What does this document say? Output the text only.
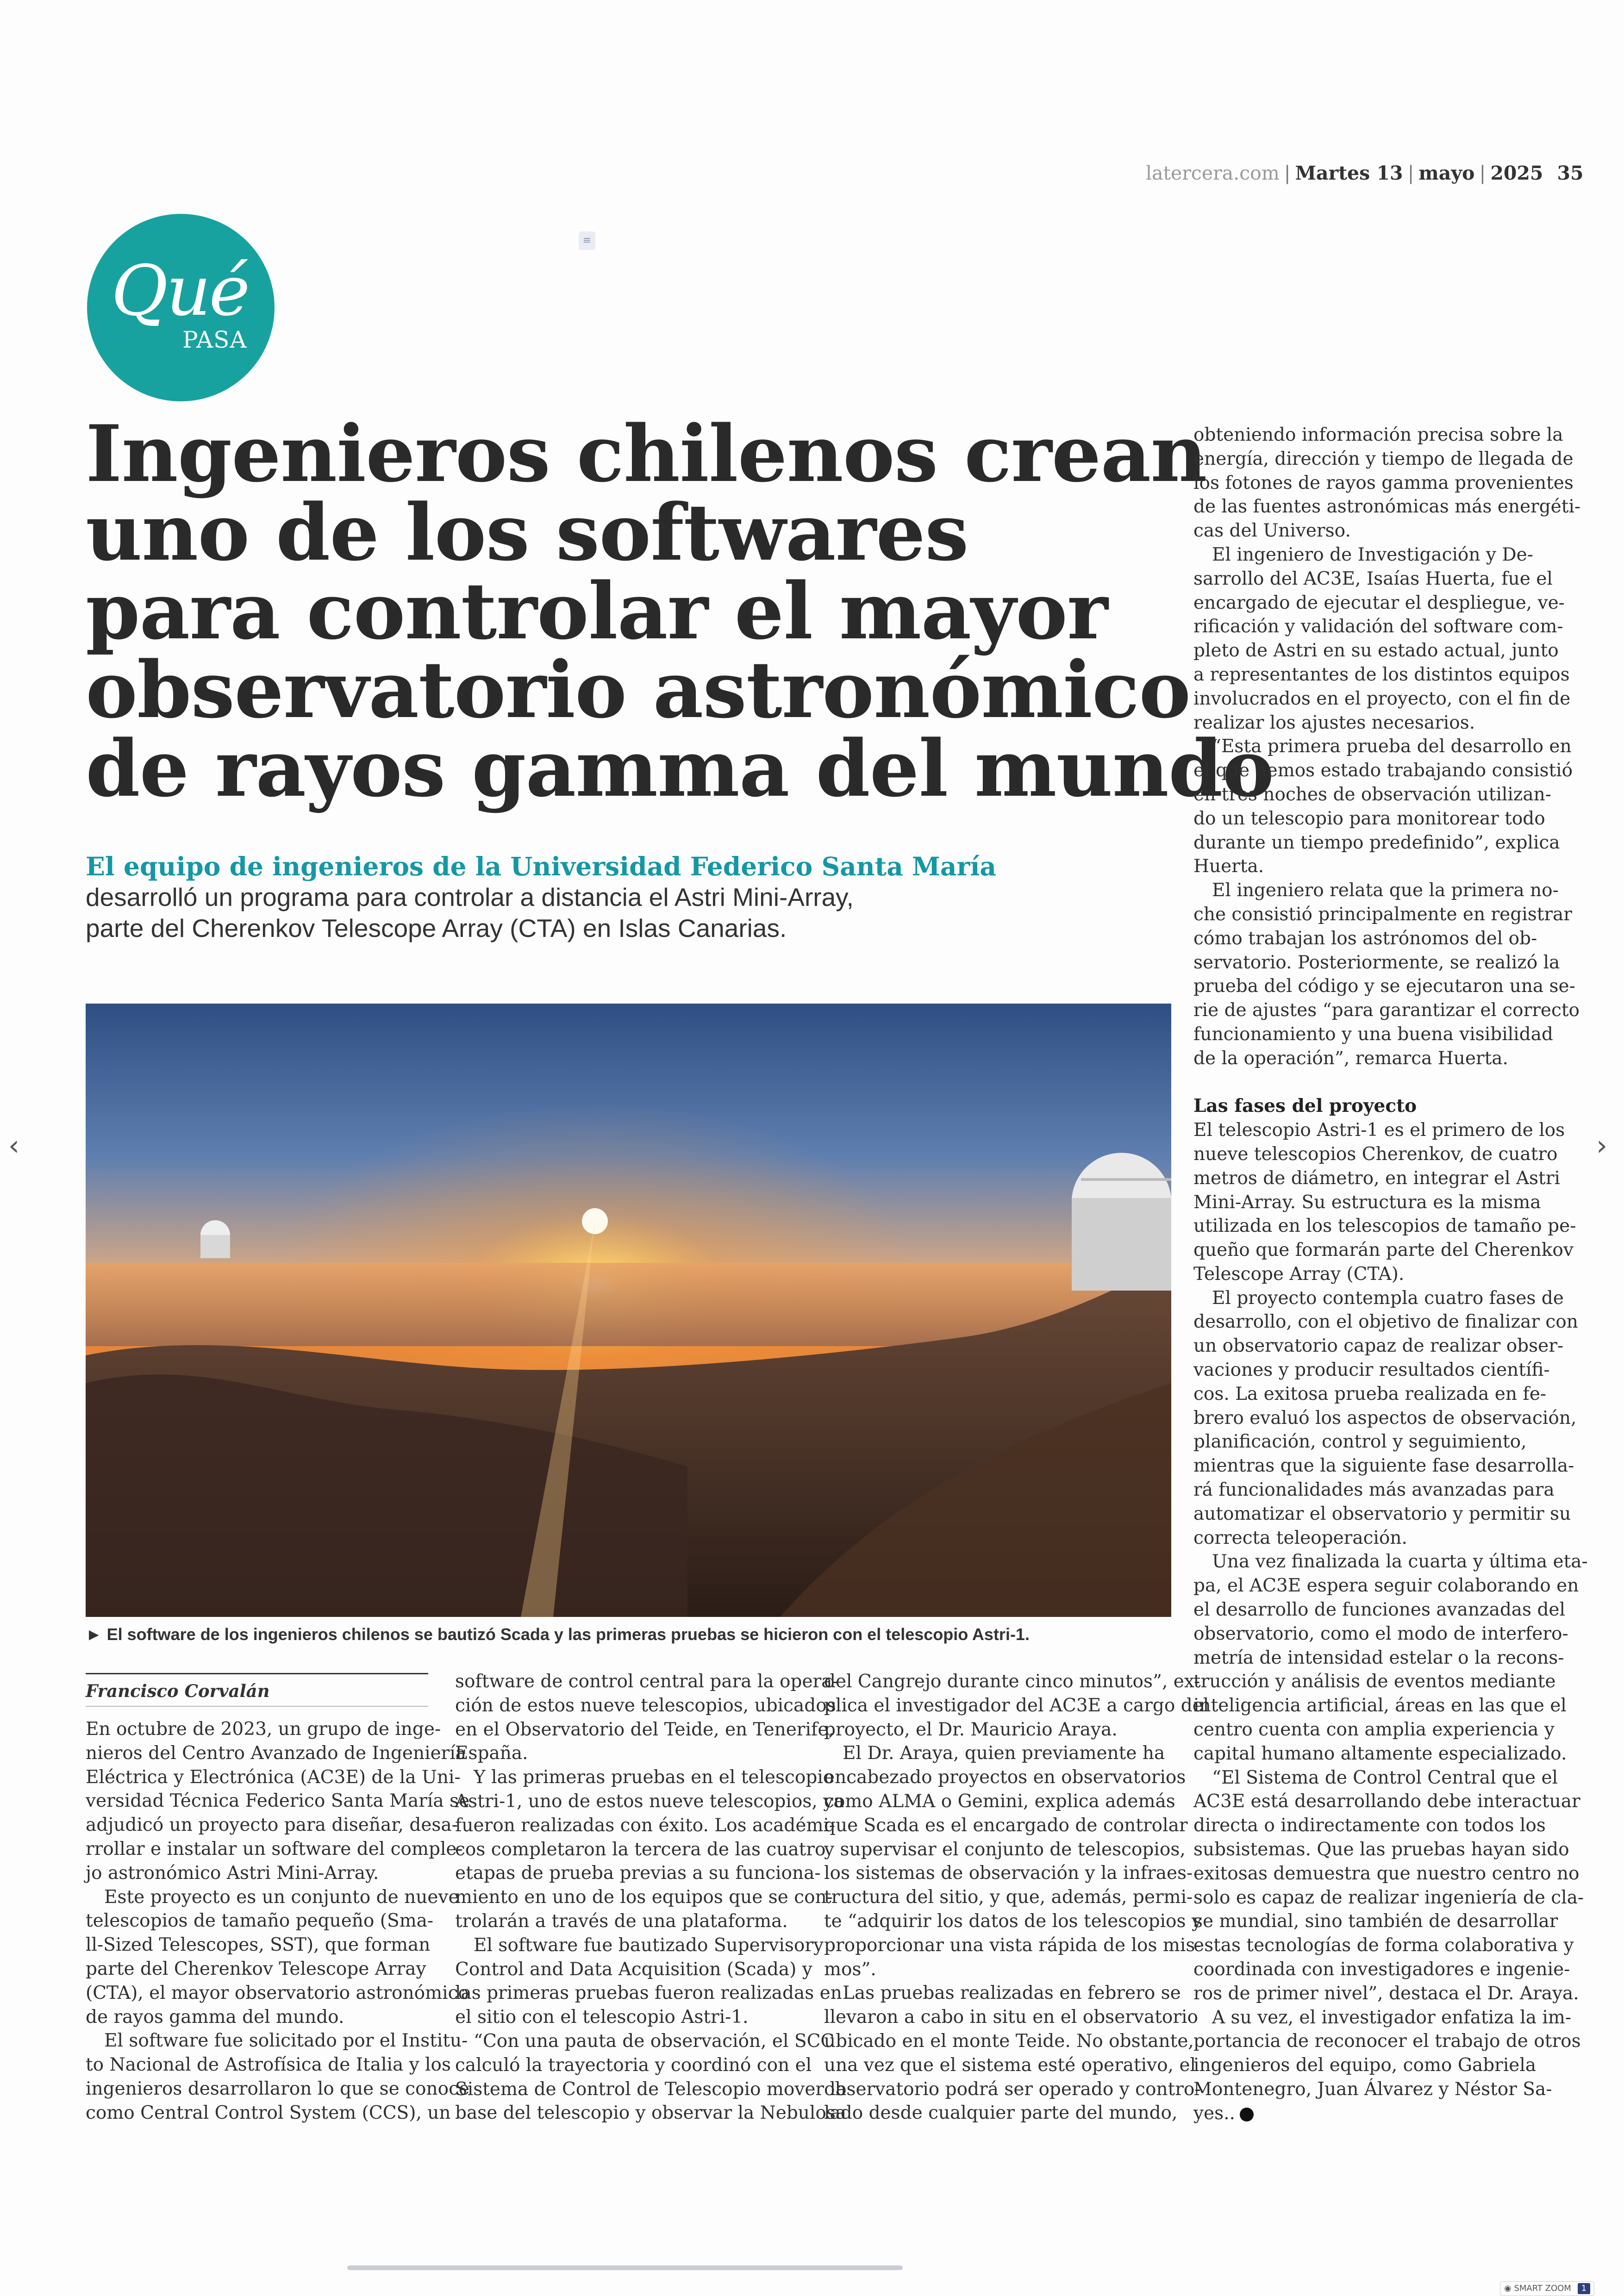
latercera.com | Martes 13 | mayo | 2025 35
≡
Qué
PASA
Ingenieros chilenos crean
uno de los softwares
para controlar el mayor
observatorio astronómico
de rayos gamma del mundo
El equipo de ingenieros de la Universidad Federico Santa María
desarrolló un programa para controlar a distancia el Astri Mini-Array,
parte del Cherenkov Telescope Array (CTA) en Islas Canarias.
► El software de los ingenieros chilenos se bautizó Scada y las primeras pruebas se hicieron con el telescopio Astri-1.
Francisco Corvalán
En octubre de 2023, un grupo de inge-
nieros del Centro Avanzado de Ingeniería
Eléctrica y Electrónica (AC3E) de la Uni-
versidad Técnica Federico Santa María se
adjudicó un proyecto para diseñar, desa-
rrollar e instalar un software del comple-
jo astronómico Astri Mini-Array.
Este proyecto es un conjunto de nueve
telescopios de tamaño pequeño (Sma-
ll-Sized Telescopes, SST), que forman
parte del Cherenkov Telescope Array
(CTA), el mayor observatorio astronómico
de rayos gamma del mundo.
El software fue solicitado por el Institu-
to Nacional de Astrofísica de Italia y los
ingenieros desarrollaron lo que se conoce
como Central Control System (CCS), un
software de control central para la opera-
ción de estos nueve telescopios, ubicados
en el Observatorio del Teide, en Tenerife,
España.
Y las primeras pruebas en el telescopio
Astri-1, uno de estos nueve telescopios, ya
fueron realizadas con éxito. Los académi-
cos completaron la tercera de las cuatro
etapas de prueba previas a su funciona-
miento en uno de los equipos que se con-
trolarán a través de una plataforma.
El software fue bautizado Supervisory
Control and Data Acquisition (Scada) y
las primeras pruebas fueron realizadas en
el sitio con el telescopio Astri-1.
“Con una pauta de observación, el SCC
calculó la trayectoria y coordinó con el
Sistema de Control de Telescopio mover la
base del telescopio y observar la Nebulosa
del Cangrejo durante cinco minutos”, ex-
plica el investigador del AC3E a cargo del
proyecto, el Dr. Mauricio Araya.
El Dr. Araya, quien previamente ha
encabezado proyectos en observatorios
como ALMA o Gemini, explica además
que Scada es el encargado de controlar
y supervisar el conjunto de telescopios,
los sistemas de observación y la infraes-
tructura del sitio, y que, además, permi-
te “adquirir los datos de los telescopios y
proporcionar una vista rápida de los mis-
mos”.
Las pruebas realizadas en febrero se
llevaron a cabo in situ en el observatorio
ubicado en el monte Teide. No obstante,
una vez que el sistema esté operativo, el
observatorio podrá ser operado y contro-
lado desde cualquier parte del mundo,
obteniendo información precisa sobre la
energía, dirección y tiempo de llegada de
los fotones de rayos gamma provenientes
de las fuentes astronómicas más energéti-
cas del Universo.
El ingeniero de Investigación y De-
sarrollo del AC3E, Isaías Huerta, fue el
encargado de ejecutar el despliegue, ve-
rificación y validación del software com-
pleto de Astri en su estado actual, junto
a representantes de los distintos equipos
involucrados en el proyecto, con el fin de
realizar los ajustes necesarios.
“Esta primera prueba del desarrollo en
el que hemos estado trabajando consistió
en tres noches de observación utilizan-
do un telescopio para monitorear todo
durante un tiempo predefinido”, explica
Huerta.
El ingeniero relata que la primera no-
che consistió principalmente en registrar
cómo trabajan los astrónomos del ob-
servatorio. Posteriormente, se realizó la
prueba del código y se ejecutaron una se-
rie de ajustes “para garantizar el correcto
funcionamiento y una buena visibilidad
de la operación”, remarca Huerta.

Las fases del proyecto
El telescopio Astri-1 es el primero de los
nueve telescopios Cherenkov, de cuatro
metros de diámetro, en integrar el Astri
Mini-Array. Su estructura es la misma
utilizada en los telescopios de tamaño pe-
queño que formarán parte del Cherenkov
Telescope Array (CTA).
El proyecto contempla cuatro fases de
desarrollo, con el objetivo de finalizar con
un observatorio capaz de realizar obser-
vaciones y producir resultados científi-
cos. La exitosa prueba realizada en fe-
brero evaluó los aspectos de observación,
planificación, control y seguimiento,
mientras que la siguiente fase desarrolla-
rá funcionalidades más avanzadas para
automatizar el observatorio y permitir su
correcta teleoperación.
Una vez finalizada la cuarta y última eta-
pa, el AC3E espera seguir colaborando en
el desarrollo de funciones avanzadas del
observatorio, como el modo de interfero-
metría de intensidad estelar o la recons-
trucción y análisis de eventos mediante
inteligencia artificial, áreas en las que el
centro cuenta con amplia experiencia y
capital humano altamente especializado.
“El Sistema de Control Central que el
AC3E está desarrollando debe interactuar
directa o indirectamente con todos los
subsistemas. Que las pruebas hayan sido
exitosas demuestra que nuestro centro no
solo es capaz de realizar ingeniería de cla-
se mundial, sino también de desarrollar
estas tecnologías de forma colaborativa y
coordinada con investigadores e ingenie-
ros de primer nivel”, destaca el Dr. Araya.
A su vez, el investigador enfatiza la im-
portancia de reconocer el trabajo de otros
ingenieros del equipo, como Gabriela
Montenegro, Juan Álvarez y Néstor Sa-
yes..
‹	›
◉ SMART ZOOM 1
